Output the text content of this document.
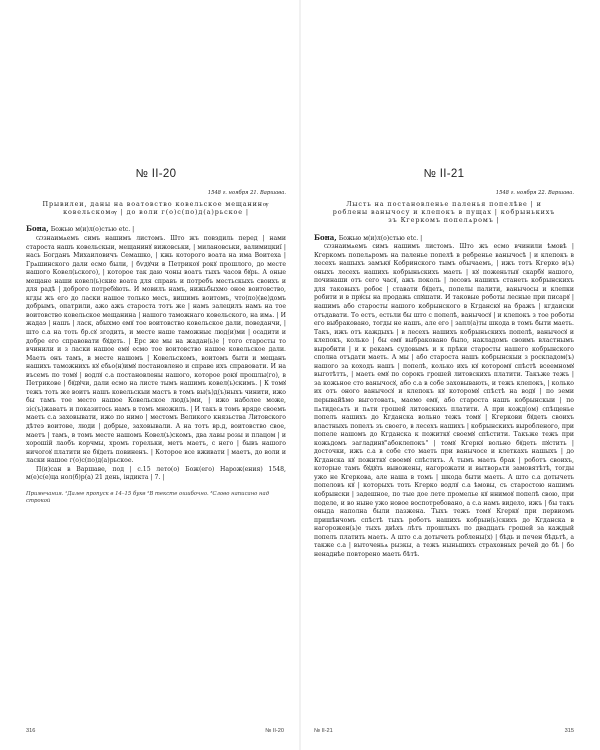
№ II-20
1548 г. ноября 21. Варшава.
Прывилеи, даны на воатовство ковельское мещанинѹ ковельскомѹ | до воли г(о)с(по)д(а)рьское |

Бона, Божью м(и)л(о)стью etc. |

Ѡзнаимѧемъ симъ нашимъ листомъ. Што жъ повэдиль перед | нами староста нашъ ковельскыи, мещанинꙋ вижовськи, | милановськи, валимицкиї | нась Богданъ Михаиловичъ Семашко, | кжь которого воата на има Воитеха | Грѧшинского дали есмо были, | бѵдꙋчи в Петрикоꙋ рокꙋ прошлого, до месте нашого Ковел(ьского), | которое так даю чоны воатъ тыхъ часов бꙋрь. А оные мещане наши ковел(ь)ские воата для справъ и потребъ местьскыхъ своихъ и для радѣ | доброго потребꙋють. И мовилъ намъ, нижьбыхмо оное воитовство, кгды жъ его до ласки нашое только месъ, вишимъ воитомъ, что(по)(ве)домъ добрымъ, опатрили, ажо ажъ староста тотъ же | намъ залецилъ намъ на тое воитовство ковельское мещанина | нашого таможнаго ковельского, на имѧ. | И жадаэ | нашъ | ласк, абыхмо емꙋ тое воитовство ковельское дали, поведанчи, | што с.а на тоть бр.сꙋ згодить, и месте наше таможныє люд(и)ми | осадити и добре его справовати бꙋдеть. | Ерс же мы на жадан(ь)е | того старосты то вчинили и з ласки нашое емꙋ есмо тое воитовство нашое ковельское дали. Маеть онъ тамъ, в месте нашомъ | Ковельскомъ, воитомъ быти и мещанъ нашихъ таможнихъ кꙋ єбьо(н)имꙋ постановлено и справе ихъ справовати. И на въсемъ по томꙋ | водлꙋ с.а постановлены нашого, которое рокꙋ прошлы(го), в Петрикове | бꙋдꙋчи, дали есмо на листе тымъ нашимъ ковел(ь)скимъ. | К томꙋ тежъ тоть же воитъ нашъ ковельскыи мастъ в томъ вы(ъ)д(ъ)ныхъ чинити, ижо бы тамъ тое место нашое Ковельское люд(ь)ми, | ижо наболее може, зіс(ъ)жаватъ и показитось намъ в томъ множилъ. | И такъ в томъ вряде своемъ маеть с.а заховывати, ижо по нимо | местомъ Великого князьства Литовского дѣтеэ воитове, люди | добрые, заховывали. А на тотъ вр.д, воитовство свое, маетъ | тамъ, в томъ месте нашомъ Ковел(ь)скомъ, два лавы розы и плацом | и хорошій лаобъ корчмы, хромъ горельки, метъ маетъ, с него | бывъ нашого ничогоꙋ платити не бꙋдеть повиненъ. | Которое все вживати | маетъ, до воли и ласки нашое г(о)с(по)д(а)рьское.

П(и)сан в Варшаве, под | с.15 лето(о) Бож(его) Нарож(ения) 1548, м(е)с(е)ца нол(б)р(а) 21 день, індикта | 7. |

Примечания. ¹Далее пропуск в 14–15 букв ²В тексте ошибочно. ³Слово написано над строкой
316	№ II-20
№ II-21
1548 г. ноября 22. Варшава.
Лысть на постановленье паленья попелѣве | и роблены ванычосу и клепокъ в пущах | кобрынькихъ зъ Кгеркомъ попелѧромъ |

Бона, Божью м(и)л(о)стью etc. |

Ѡзнаимѧемъ симъ нашимъ листомъ. Што жъ есмо вчинили ѣмовѣ | Кгеркомъ попелѧромъ на паленье попелѣ в ребренье ванычосѣ | и клепокъ в лесехъ нашыхъ замъкꙋ Кобринского тымъ обычаемъ, | ижъ тотъ Кгерко в(ъ) оныхъ лесехъ нашихъ кобрыньскихъ маеть | кꙋ поженьтыꙋ скарбꙋ нашого, починаши отъ сего часꙋ, ажъ поколь | лесовъ нашихъ станеть кобрынскихъ для таковыхъ робоє | ставати бꙋдеть, попелы палити, ванычосы и клепки робити и в прꙋсы на продажь спꙋшати. И таковые роботы лесные при писарꙋ | нашимъ або старосты нашого кобрынского в Кгданскꙋ на бражъ | кгдаиски отъдавати. То естъ, естьли бы што с попелѣ, ванычосꙋ | и клепокъ з тое роботы его выбраковано, тогды не нашъ, але его | запл(а)ты шкода в томъ быти маеть. Такъ, ижъ отъ каждыхъ | в лесехъ нашихъ кобрыньскихъ попелѣ, ванычосꙋ и клепокъ, колько | бы емꙋ выбраковано было, накладомъ своимъ властнымъ выробити | и к рекамъ судовымъ и к прѣки старосты нашего кобрынского сполна отъдати маеть. А мы | або староста нашъ кобрынскыи з роскладом(ъ) нашого за коходъ нашъ | попелѣ, колько ихъ кꙋ которомꙋ спѣстѣ всеемномꙋ выготѣтть, | маеть емꙋ по сорокъ грошей литовскихъ платити. Такъже тежъ | за кожьное сто ванычосꙋ, або с.а в собе заховывають, и тежъ клепокъ, | колько их отъ оного ванычосꙋ и клепокъ кꙋ которомꙋ спѣстѣ на водꙋ | по земи перывайѣмо выготовать, маемо емꙋ, або староста нашъ кобрынскыи | по пѧтидесѧть и пѧти грошей литовскихъ платити. А при кожд(ом) спѣщенье попелъ нашихъ до Кгданска вольно тежъ томꙋ | Кгеркови бꙋдеть своихъ властныхъ попелъ зъ своего, в лесехъ нашихъ | кобрынскихъ выробленого, при попеле нашомъ до Кгданска к пожиткꙋ своемꙋ спѣстити. Такъже тежъ при кожьдомъ загладинꙋ"абоклепокъ" | томꙋ Кгеркꙋ вольно бꙋдеть пꙋстить | досточки, ижъ с.а в собе сто маеть при ванычосе и клеткахъ нашыхъ | до Кгданска кꙋ пожиткꙋ своемꙋ спѣстить. А тымъ маеть брак | роботъ своихъ, которые тамъ бꙋдꙋть вывожены, нагорожати и вытворѧти замовятѣтѣ, тогды ужо не Кгеркова, але наша в томъ | шкода быти маеть. А што с.а дотычеть попеловъ кꙋ | которыхъ тоть Кгерко водлꙋ с.а ѣмовы, съ старостою нашимъ кобрынски | задешное, по тые дое лете промелье кꙋ ннимоꙋ попелѣ свою, при поделе, и во ныне ужо новое воспотребовано, а с.а намъ видело, ижъ | бы такъ оныда наполна были пазжена. Тыхъ тежъ томꙋ Кгеркꙋ при первиомъ пришѣнчомъ спѣстѣ тыхъ роботъ нашихъ кобрын(ь)скихъ до Кгданска в нагорожен(ь)е тыхъ двѣхъ лѣтъ прошлыхъ по двадцать грошей за каждый попелъ платить маеть. А што с.а дотычеть роблены(х) | бѣдь и печен бѣдьтѣ, а также с.а | выточеньѧ рызкы, а тежъ ныньшихъ страховных речей до бѣ | бо ненаднѣе повторено маеть бѣтѣ.

№ II-21	315
